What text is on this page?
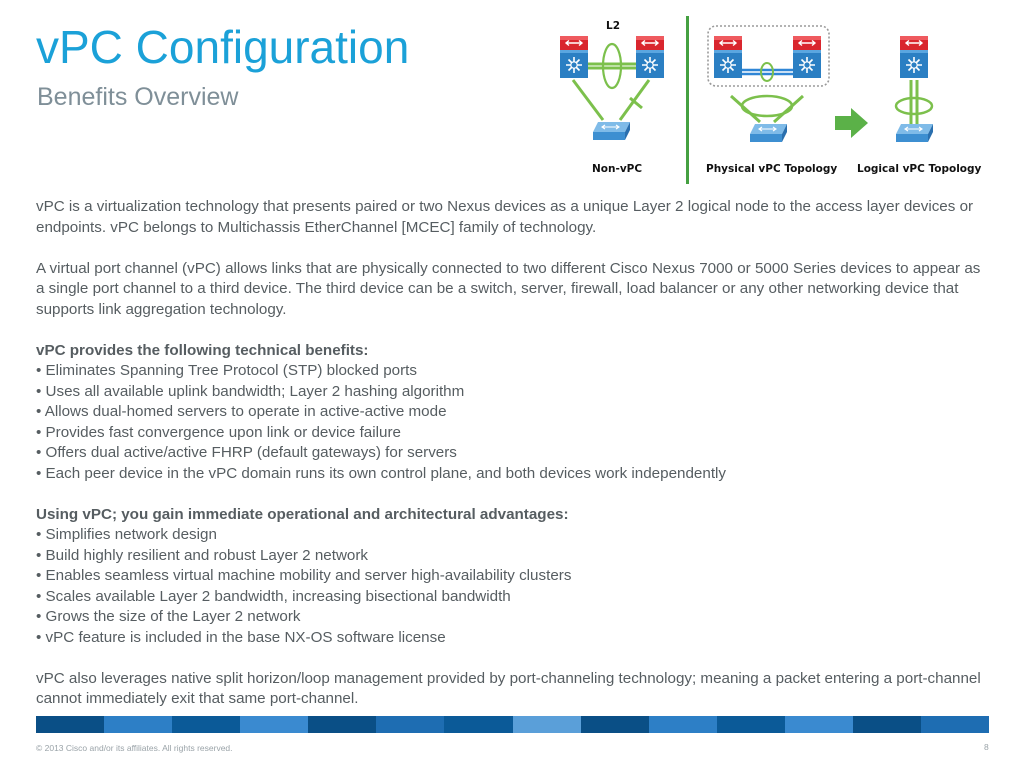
vPC Configuration
Benefits Overview
L2
Non-vPC	Physical vPC Topology Logical vPC Topology

vPC is a virtualization technology that presents paired or two Nexus devices as a unique Layer 2 logical node to the access layer devices or endpoints. vPC belongs to Multichassis EtherChannel [MCEC] family of technology.

A virtual port channel (vPC) allows links that are physically connected to two different Cisco Nexus 7000 or 5000 Series devices to appear as a single port channel to a third device. The third device can be a switch, server, firewall, load balancer or any other networking device that supports link aggregation technology.

vPC provides the following technical benefits:
• Eliminates Spanning Tree Protocol (STP) blocked ports
• Uses all available uplink bandwidth; Layer 2 hashing algorithm
• Allows dual-homed servers to operate in active-active mode
• Provides fast convergence upon link or device failure
• Offers dual active/active FHRP (default gateways) for servers
• Each peer device in the vPC domain runs its own control plane, and both devices work independently
Using vPC; you gain immediate operational and architectural advantages:
• Simplifies network design
• Build highly resilient and robust Layer 2 network
• Enables seamless virtual machine mobility and server high-availability clusters
• Scales available Layer 2 bandwidth, increasing bisectional bandwidth
• Grows the size of the Layer 2 network
• vPC feature is included in the base NX-OS software license

vPC also leverages native split horizon/loop management provided by port-channeling technology; meaning a packet entering a port-channel cannot immediately exit that same port-channel.

© 2013 Cisco and/or its affiliates. All rights reserved.	8
